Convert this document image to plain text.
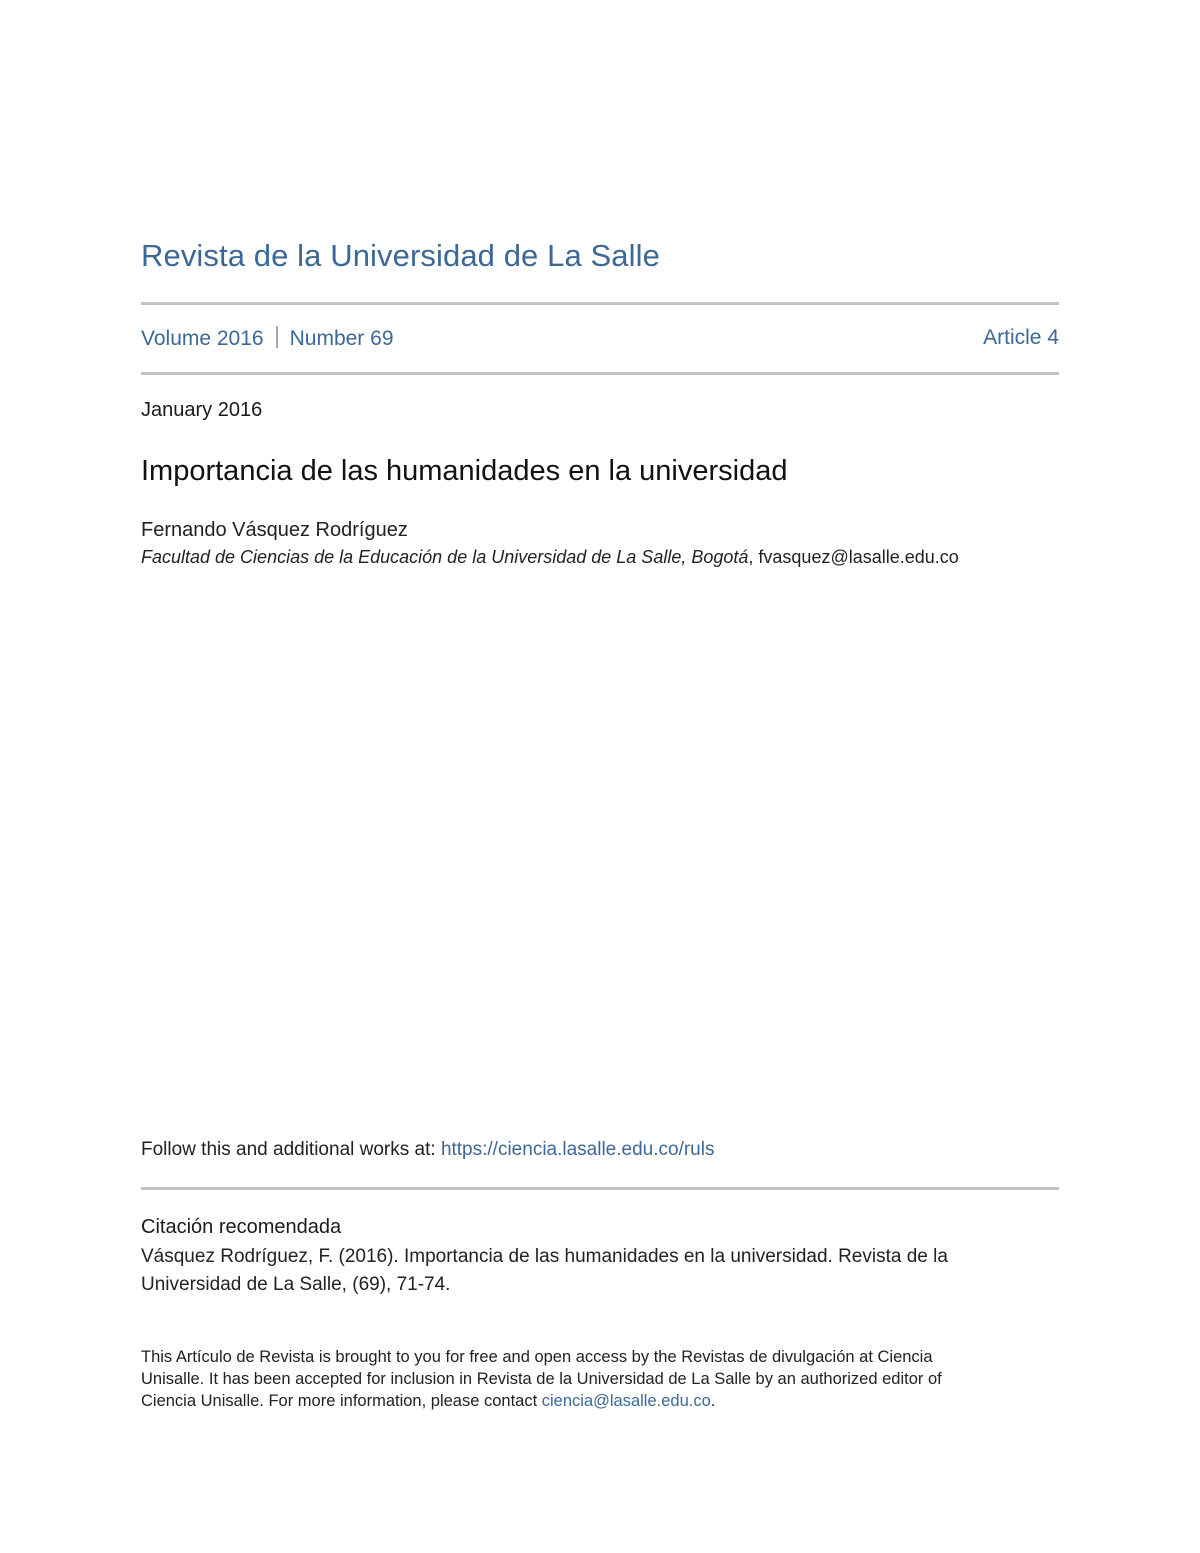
Revista de la Universidad de La Salle
Volume 2016 Number 69	Article 4
January 2016
Importancia de las humanidades en la universidad
Fernando Vásquez Rodríguez
Facultad de Ciencias de la Educación de la Universidad de La Salle, Bogotá, fvasquez@lasalle.edu.co
Follow this and additional works at: https://ciencia.lasalle.edu.co/ruls
Citación recomendada
Vásquez Rodríguez, F. (2016). Importancia de las humanidades en la universidad. Revista de la
Universidad de La Salle, (69), 71-74.
This Artículo de Revista is brought to you for free and open access by the Revistas de divulgación at Ciencia
Unisalle. It has been accepted for inclusion in Revista de la Universidad de La Salle by an authorized editor of
Ciencia Unisalle. For more information, please contact ciencia@lasalle.edu.co.
